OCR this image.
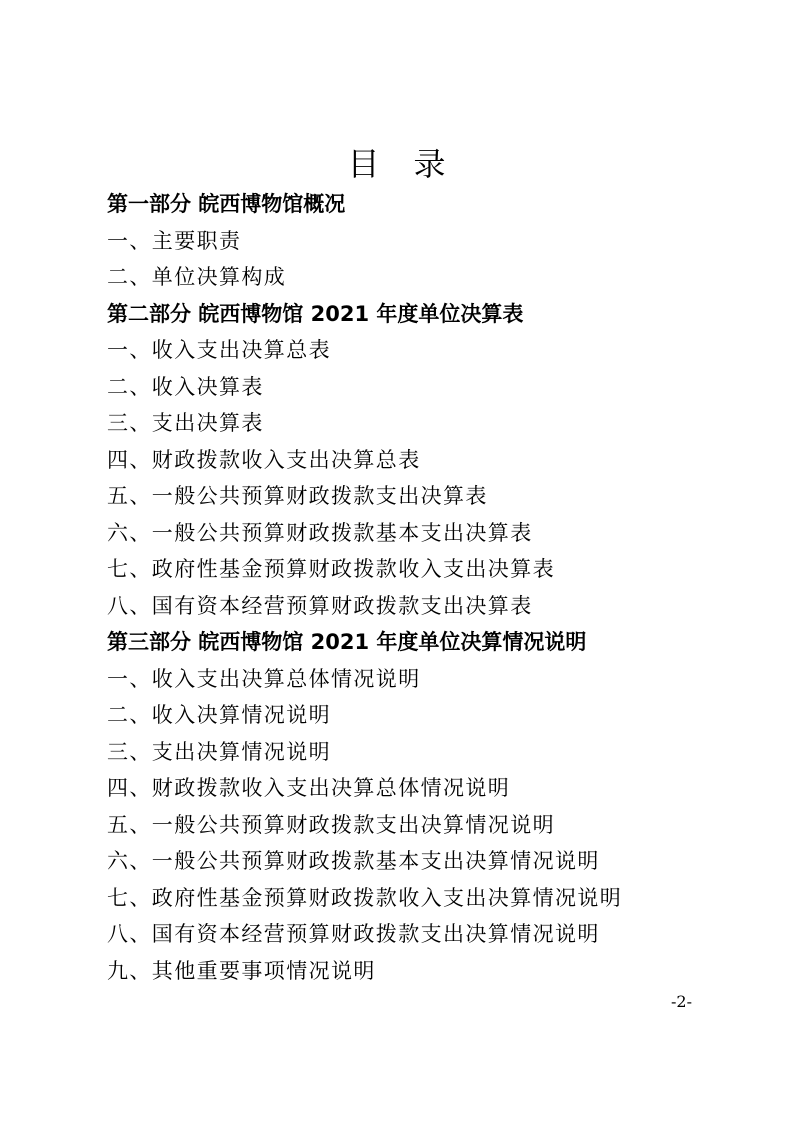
目 录
第一部分 皖西博物馆概况
一、主要职责
二、单位决算构成
第二部分 皖西博物馆 2021 年度单位决算表
一、收入支出决算总表
二、收入决算表
三、支出决算表
四、财政拨款收入支出决算总表
五、一般公共预算财政拨款支出决算表
六、一般公共预算财政拨款基本支出决算表
七、政府性基金预算财政拨款收入支出决算表
八、国有资本经营预算财政拨款支出决算表
第三部分 皖西博物馆 2021 年度单位决算情况说明
一、收入支出决算总体情况说明
二、收入决算情况说明
三、支出决算情况说明
四、财政拨款收入支出决算总体情况说明
五、一般公共预算财政拨款支出决算情况说明
六、一般公共预算财政拨款基本支出决算情况说明
七、政府性基金预算财政拨款收入支出决算情况说明
八、国有资本经营预算财政拨款支出决算情况说明
九、其他重要事项情况说明
-2-
